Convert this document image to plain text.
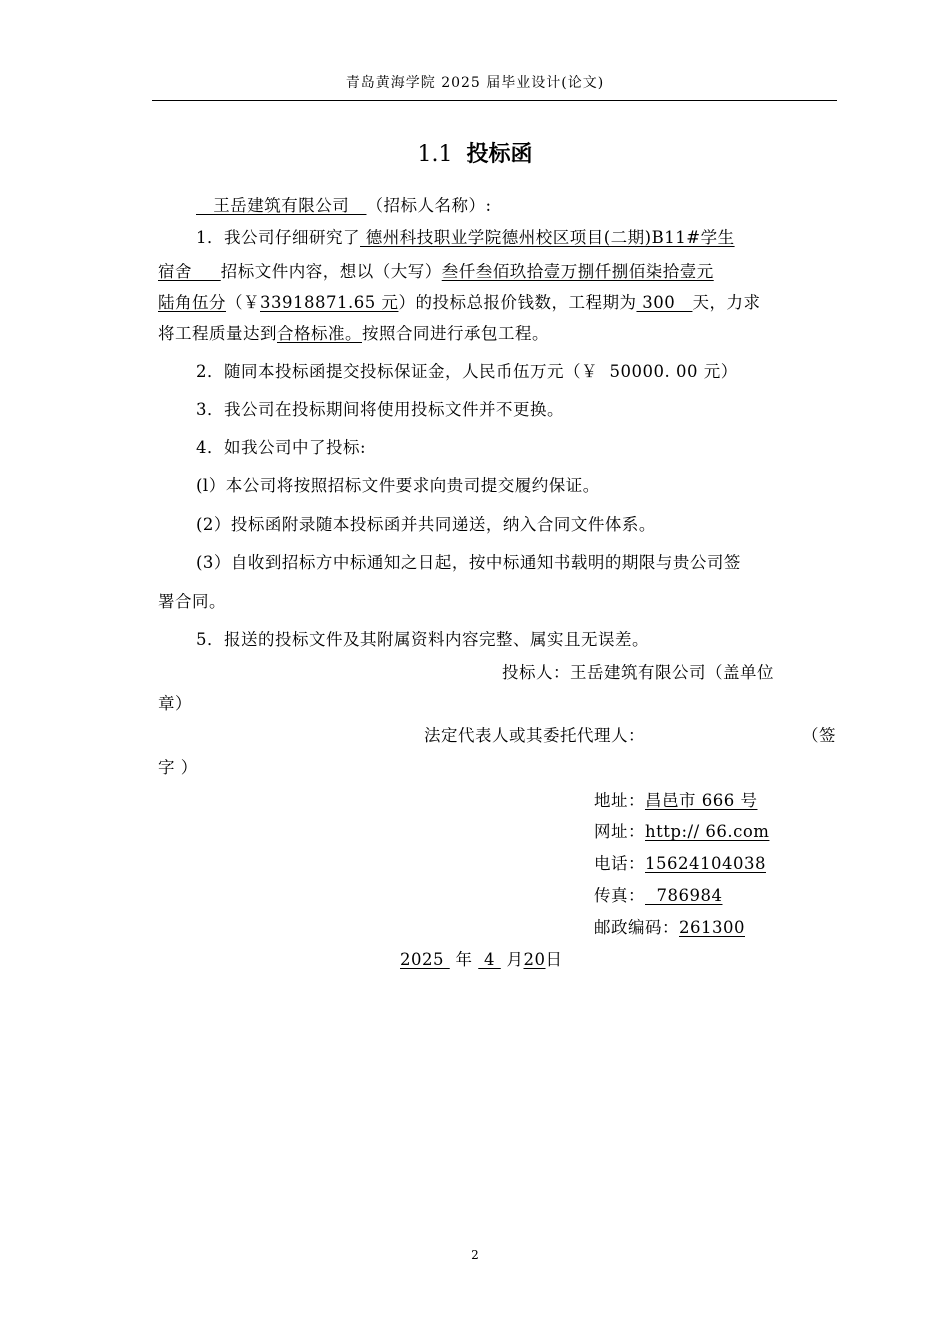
青岛黄海学院 2025 届毕业设计(论文)
1.1 投标函
王岳建筑有限公司   （招标人名称）:
1．我公司仔细研究了 德州科技职业学院德州校区项目(二期)B11#学生
宿舍     招标文件内容，想以（大写）叁仟叁佰玖拾壹万捌仟捌佰柒拾壹元
陆角伍分（￥33918871.65 元）的投标总报价钱数，工程期为 300   天，力求
将工程质量达到合格标准。按照合同进行承包工程。
2．随同本投标函提交投标保证金，人民币伍万元（￥  50000. 00 元）
3．我公司在投标期间将使用投标文件并不更换。
4．如我公司中了投标:
(l）本公司将按照招标文件要求向贵司提交履约保证。
(2）投标函附录随本投标函并共同递送，纳入合同文件体系。
(3）自收到招标方中标通知之日起，按中标通知书载明的期限与贵公司签
署合同。
5．报送的投标文件及其附属资料内容完整、属实且无误差。
投标人：王岳建筑有限公司（盖单位
章）
法定代表人或其委托代理人：	（签
字 ）
地址：昌邑市 666 号
网址：http:// 66.com
电话：15624104038
传真：  786984
邮政编码：261300
2025  年  4  月20日
2
